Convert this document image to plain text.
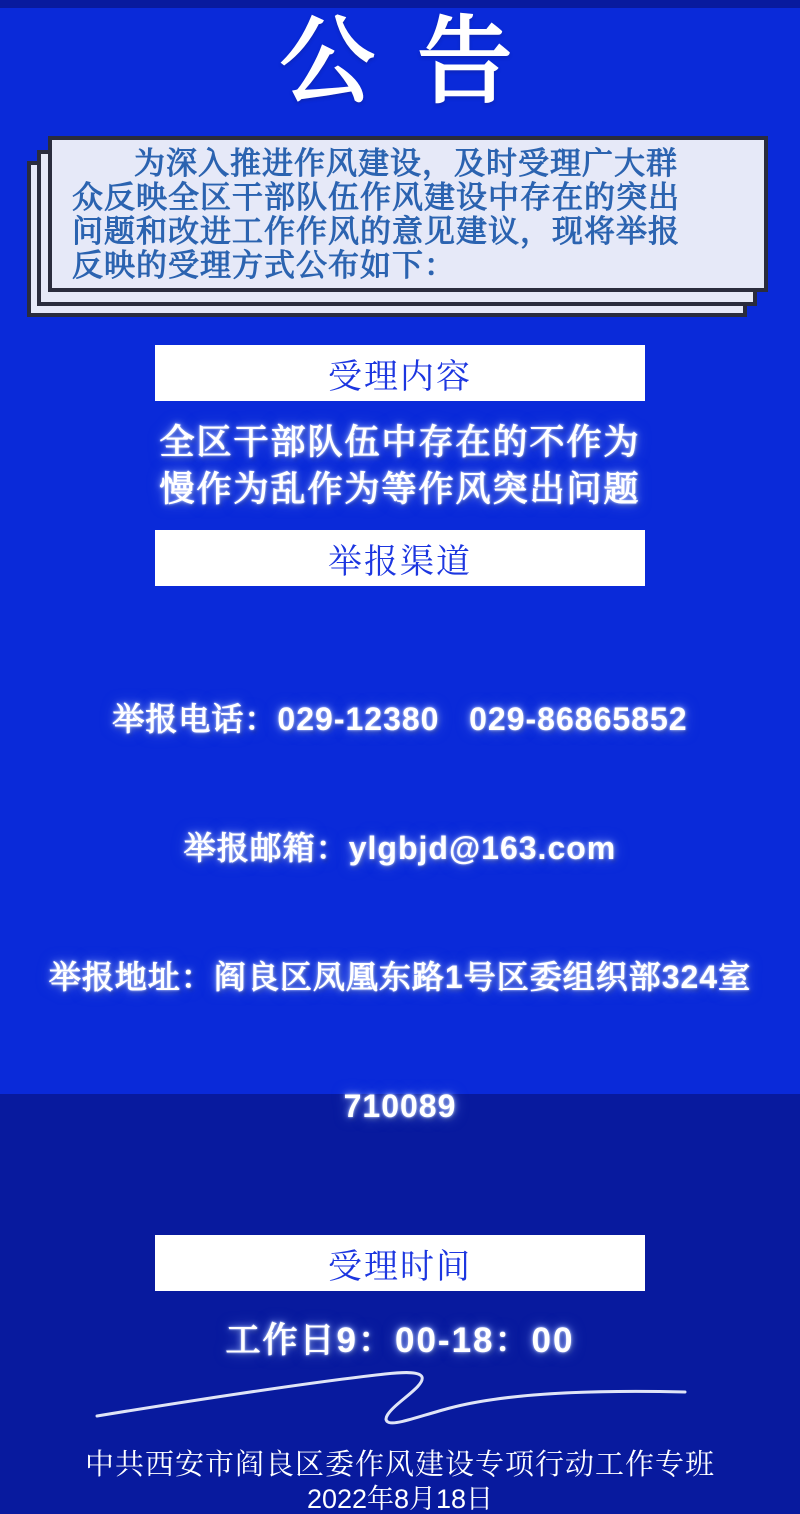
公 告
为深入推进作风建设，及时受理广大群
众反映全区干部队伍作风建设中存在的突出
问题和改进工作作风的意见建议，现将举报
反映的受理方式公布如下：
受理内容
全区干部队伍中存在的不作为
慢作为乱作为等作风突出问题
举报渠道

举报电话：029-12380   029-86865852

举报邮箱：ylgbjd@163.com

举报地址：阎良区凤凰东路1号区委组织部324室

710089

受理时间
工作日9：00-18：00
中共西安市阎良区委作风建设专项行动工作专班
2022年8月18日
